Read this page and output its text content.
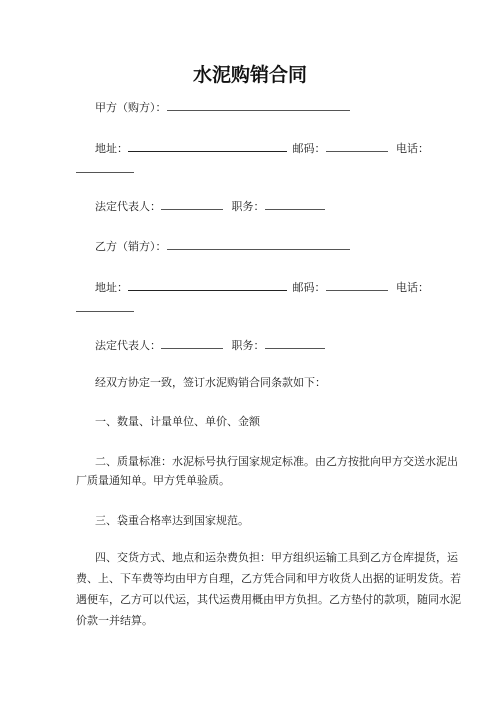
水泥购销合同
甲方（购方）：
地址：	邮码：	电话：
法定代表人：	职务：
乙方（销方）：
地址：	邮码：	电话：
法定代表人：	职务：
经双方协定一致，签订水泥购销合同条款如下：
一、数量、计量单位、单价、金额
二、质量标准：水泥标号执行国家规定标准。由乙方按批向甲方交送水泥出
厂质量通知单。甲方凭单验质。
三、袋重合格率达到国家规范。
四、交货方式、地点和运杂费负担：甲方组织运输工具到乙方仓库提货，运
费、上、下车费等均由甲方自理，乙方凭合同和甲方收货人出据的证明发货。若
遇便车，乙方可以代运，其代运费用概由甲方负担。乙方垫付的款项，随同水泥
价款一并结算。
